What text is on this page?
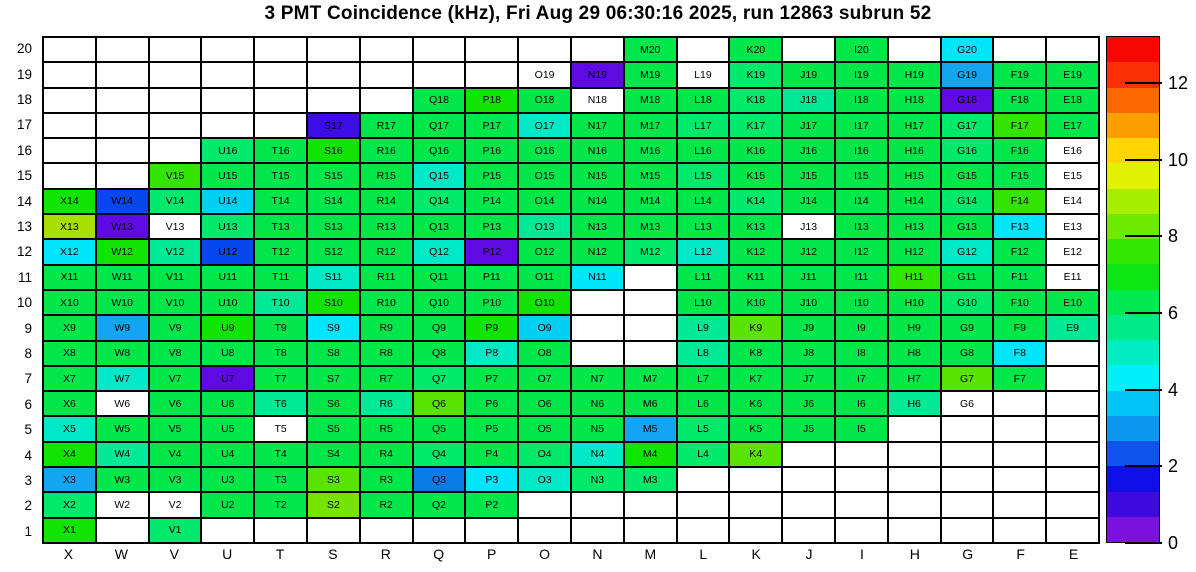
3 PMT Coincidence (kHz), Fri Aug 29 06:30:16 2025, run 12863 subrun 52
20
19
18
17
16
15
14
13
12
11
10
9
8
7
6
5
4
3
2
1
M20	K20	I20	G20
O19	N19	M19	L19	K19	J19	I19	H19	G19	F19	E19
Q18	P18	O18	N18	M18	L18	K18	J18	I18	H18	G18	F18	E18
S17	R17	Q17	P17	O17	N17	M17	L17	K17	J17	I17	H17	G17	F17	E17
U16	T16	S16	R16	Q16	P16	O16	N16	M16	L16	K16	J16	I16	H16	G16	F16	E16
V15	U15	T15	S15	R15	Q15	P15	O15	N15	M15	L15	K15	J15	I15	H15	G15	F15	E15
X14	W14	V14	U14	T14	S14	R14	Q14	P14	O14	N14	M14	L14	K14	J14	I14	H14	G14	F14	E14
X13	W13	V13	U13	T13	S13	R13	Q13	P13	O13	N13	M13	L13	K13	J13	I13	H13	G13	F13	E13
X12	W12	V12	U12	T12	S12	R12	Q12	P12	O12	N12	M12	L12	K12	J12	I12	H12	G12	F12	E12
X11	W11	V11	U11	T11	S11	R11	Q11	P11	O11	N11	L11	K11	J11	I11	H11	G11	F11	E11
X10	W10	V10	U10	T10	S10	R10	Q10	P10	O10	L10	K10	J10	I10	H10	G10	F10	E10
X9	W9	V9	U9	T9	S9	R9	Q9	P9	O9	L9	K9	J9	I9	H9	G9	F9	E9
X8	W8	V8	U8	T8	S8	R8	Q8	P8	O8	L8	K8	J8	I8	H8	G8	F8
X7	W7	V7	U7	T7	S7	R7	Q7	P7	O7	N7	M7	L7	K7	J7	I7	H7	G7	F7
X6	W6	V6	U6	T6	S6	R6	Q6	P6	O6	N6	M6	L6	K6	J6	I6	H6	G6
X5	W5	V5	U5	T5	S5	R5	Q5	P5	O5	N5	M5	L5	K5	J5	I5
X4	W4	V4	U4	T4	S4	R4	Q4	P4	O4	N4	M4	L4	K4
X3	W3	V3	U3	T3	S3	R3	Q3	P3	O3	N3	M3
X2	W2	V2	U2	T2	S2	R2	Q2	P2
X1	V1
X	W	V	U	T	S	R	Q	P	O	N	M	L	K	J	I	H	G	F	E
12
10
8
6
4
2
0
